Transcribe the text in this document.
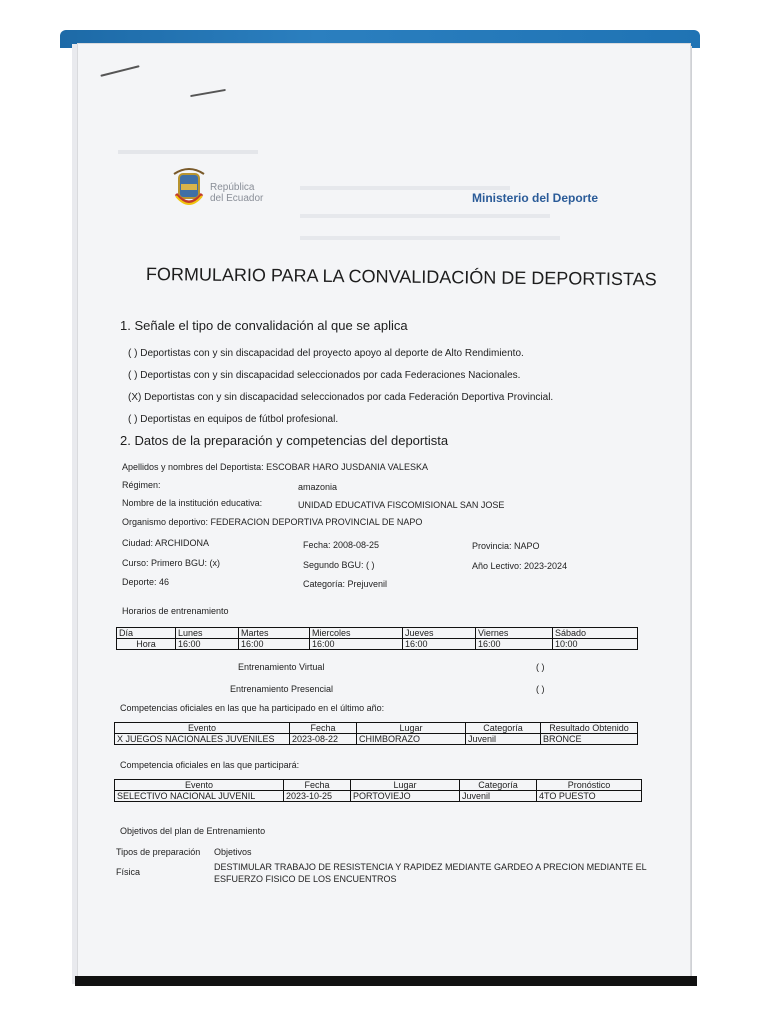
República
del Ecuador	Ministerio del Deporte
FORMULARIO PARA LA CONVALIDACIÓN DE DEPORTISTAS
1. Señale el tipo de convalidación al que se aplica
( ) Deportistas con y sin discapacidad del proyecto apoyo al deporte de Alto Rendimiento.
( ) Deportistas con y sin discapacidad seleccionados por cada Federaciones Nacionales.
(X) Deportistas con y sin discapacidad seleccionados por cada Federación Deportiva Provincial.
( ) Deportistas en equipos de fútbol profesional.
2. Datos de la preparación y competencias del deportista
Apellidos y nombres del Deportista: ESCOBAR HARO JUSDANIA VALESKA
Régimen:	amazonia
Nombre de la institución educativa:	UNIDAD EDUCATIVA FISCOMISIONAL SAN JOSE
Organismo deportivo: FEDERACION DEPORTIVA PROVINCIAL DE NAPO
Ciudad: ARCHIDONA	Fecha: 2008-08-25	Provincia: NAPO
Curso: Primero BGU: (x)	Segundo BGU: ( )	Año Lectivo: 2023-2024
Deporte: 46	Categoría: Prejuvenil
Horarios de entrenamiento
Día	Lunes	Martes	Miercoles	Jueves	Viernes	Sábado
Hora	16:00	16:00	16:00	16:00	16:00	10:00
Entrenamiento Virtual	( )
Entrenamiento Presencial	( )
Competencias oficiales en las que ha participado en el último año:
Evento	Fecha	Lugar	Categoría	Resultado Obtenido
X JUEGOS NACIONALES JUVENILES	2023-08-22	CHIMBORAZO	Juvenil	BRONCE
Competencia oficiales en las que participará:
Evento	Fecha	Lugar	Categoría	Pronóstico
SELECTIVO NACIONAL JUVENIL	2023-10-25	PORTOVIEJO	Juvenil	4TO PUESTO
Objetivos del plan de Entrenamiento
Tipos de preparación Objetivos
Física	DESTIMULAR TRABAJO DE RESISTENCIA Y RAPIDEZ MEDIANTE GARDEO A PRECION MEDIANTE EL
ESFUERZO FISICO DE LOS ENCUENTROS
